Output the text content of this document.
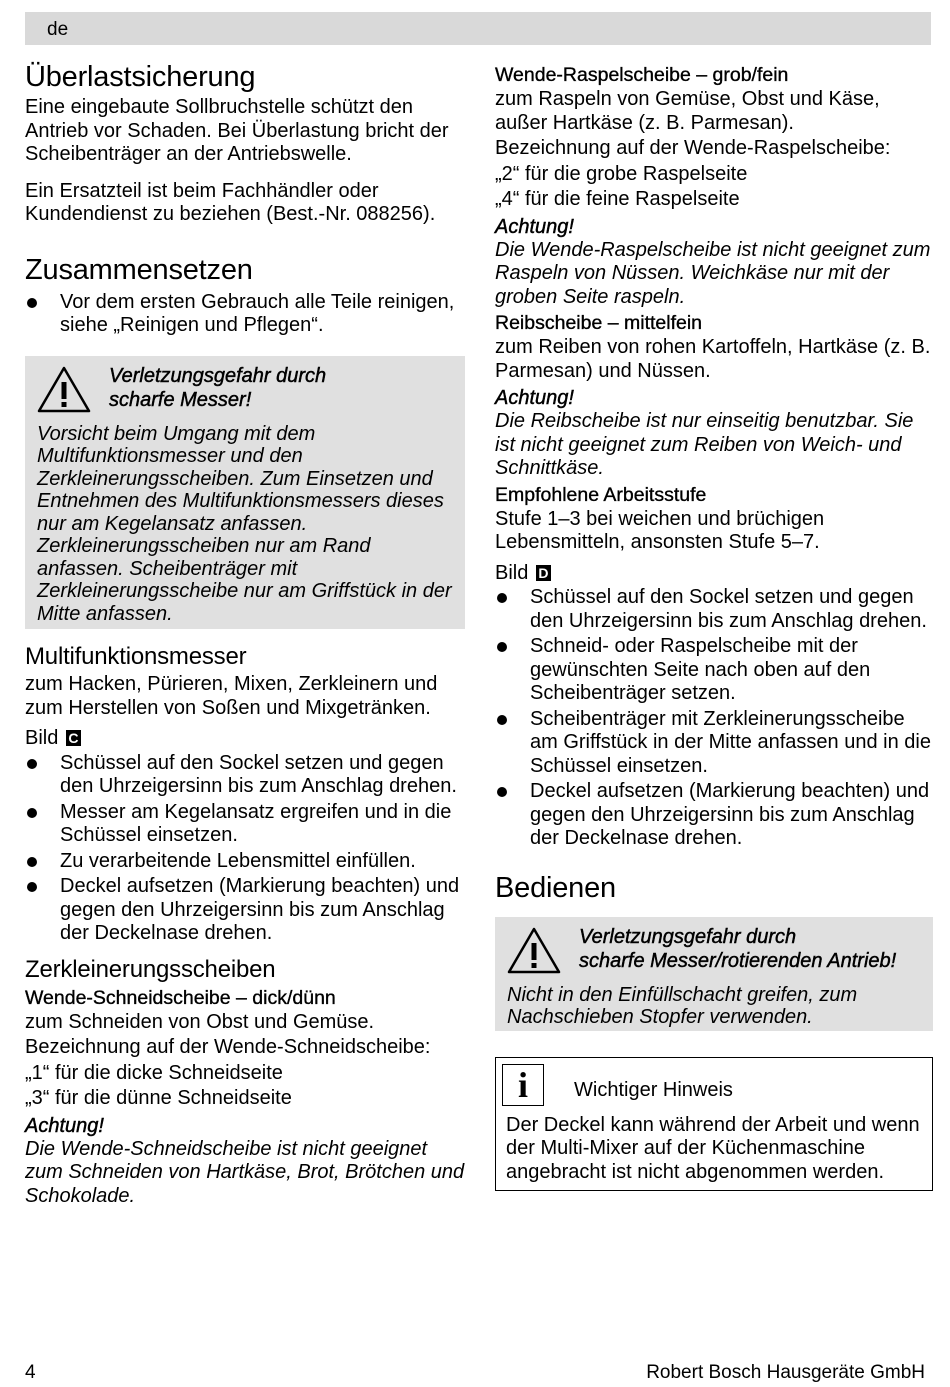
de
Überlastsicherung

Eine eingebaute Sollbruchstelle schützt den Antrieb vor Schaden. Bei Überlastung bricht der Scheibenträger an der Antriebswelle.

Ein Ersatzteil ist beim Fachhändler oder Kundendienst zu beziehen (Best.-Nr. 088256).

Zusammensetzen
Vor dem ersten Gebrauch alle Teile reinigen, siehe „Reinigen und Pflegen“.
Verletzungsgefahr durch
scharfe Messer!
Vorsicht beim Umgang mit dem Multifunktionsmesser und den Zerkleinerungsscheiben. Zum Einsetzen und Entnehmen des Multifunktionsmessers dieses nur am Kegelansatz anfassen. Zerkleinerungsscheiben nur am Rand anfassen. Scheibenträger mit Zerkleinerungsscheibe nur am Griffstück in der Mitte anfassen.
Multifunktionsmesser

zum Hacken, Pürieren, Mixen, Zerkleinern und zum Herstellen von Soßen und Mixgetränken.

Bild C

Schüssel auf den Sockel setzen und gegen den Uhrzeigersinn bis zum Anschlag drehen.
Messer am Kegelansatz ergreifen und in die Schüssel einsetzen.
Zu verarbeitende Lebensmittel einfüllen.
Deckel aufsetzen (Markierung beachten) und gegen den Uhrzeigersinn bis zum Anschlag der Deckelnase drehen.
Zerkleinerungsscheiben
Wende-Schneidscheibe – dick/dünn

zum Schneiden von Obst und Gemüse.

Bezeichnung auf der Wende-Schneidscheibe:

„1“ für die dicke Schneidseite

„3“ für die dünne Schneidseite

Achtung!

Die Wende-Schneidscheibe ist nicht geeignet zum Schneiden von Hartkäse, Brot, Brötchen und Schokolade.

Wende-Raspelscheibe – grob/fein

zum Raspeln von Gemüse, Obst und Käse, außer Hartkäse (z. B. Parmesan).

Bezeichnung auf der Wende-Raspelscheibe:

„2“ für die grobe Raspelseite

„4“ für die feine Raspelseite

Achtung!

Die Wende-Raspelscheibe ist nicht geeignet zum Raspeln von Nüssen. Weichkäse nur mit der groben Seite raspeln.

Reibscheibe – mittelfein

zum Reiben von rohen Kartoffeln, Hartkäse (z. B. Parmesan) und Nüssen.

Achtung!

Die Reibscheibe ist nur einseitig benutzbar. Sie ist nicht geeignet zum Reiben von Weich- und Schnittkäse.

Empfohlene Arbeitsstufe

Stufe 1–3 bei weichen und brüchigen Lebensmitteln, ansonsten Stufe 5–7.

Bild D

Schüssel auf den Sockel setzen und gegen den Uhrzeigersinn bis zum Anschlag drehen.
Schneid- oder Raspelscheibe mit der gewünschten Seite nach oben auf den Scheibenträger setzen.
Scheibenträger mit Zerkleinerungsscheibe am Griffstück in der Mitte anfassen und in die Schüssel einsetzen.
Deckel aufsetzen (Markierung beachten) und gegen den Uhrzeigersinn bis zum Anschlag der Deckelnase drehen.
Bedienen
Verletzungsgefahr durch
scharfe Messer/rotierenden Antrieb!
Nicht in den Einfüllschacht greifen, zum Nachschieben Stopfer verwenden.
i Wichtiger Hinweis

Der Deckel kann während der Arbeit und wenn der Multi-Mixer auf der Küchenmaschine angebracht ist nicht abgenommen werden.

4	Robert Bosch Hausgeräte GmbH
